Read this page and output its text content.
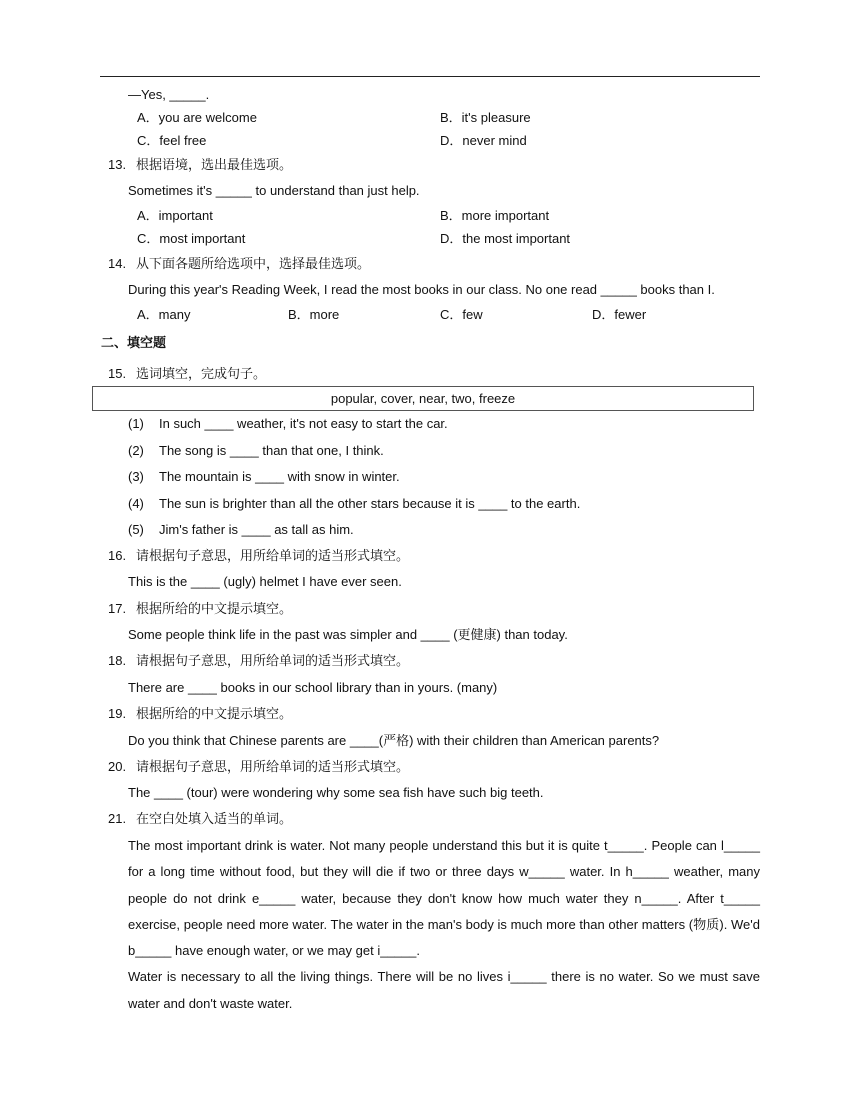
—Yes, _____.
A．you are welcome	B．it's pleasure
C．feel free	D．never mind
13. 根据语境，选出最佳选项。
Sometimes it's _____ to understand than just help.
A．important	B．more important
C．most important	D．the most important
14. 从下面各题所给选项中，选择最佳选项。
During this year's Reading Week, I read the most books in our class. No one read _____ books than I.
A．many	B．more	C．few	D．fewer
二、填空题
15. 选词填空，完成句子。
popular, cover, near, two, freeze
(1) In such ____ weather, it's not easy to start the car.
(2) The song is ____ than that one, I think.
(3) The mountain is ____ with snow in winter.
(4) The sun is brighter than all the other stars because it is ____ to the earth.
(5) Jim's father is ____ as tall as him.
16. 请根据句子意思，用所给单词的适当形式填空。
This is the ____ (ugly) helmet I have ever seen.
17. 根据所给的中文提示填空。
Some people think life in the past was simpler and ____ (更健康) than today.
18. 请根据句子意思，用所给单词的适当形式填空。
There are ____ books in our school library than in yours. (many)
19. 根据所给的中文提示填空。
Do you think that Chinese parents are ____(严格) with their children than American parents?
20. 请根据句子意思，用所给单词的适当形式填空。
The ____ (tour) were wondering why some sea fish have such big teeth.
21. 在空白处填入适当的单词。

The most important drink is water. Not many people understand this but it is quite t_____. People can l_____ for a long time without food, but they will die if two or three days w_____ water. In h_____ weather, many people do not drink e_____ water, because they don't know how much water they n_____. After t_____ exercise, people need more water. The water in the man's body is much more than other matters (物质). We'd b_____ have enough water, or we may get i_____.

Water is necessary to all the living things. There will be no lives i_____ there is no water. So we must save water and don't waste water.
